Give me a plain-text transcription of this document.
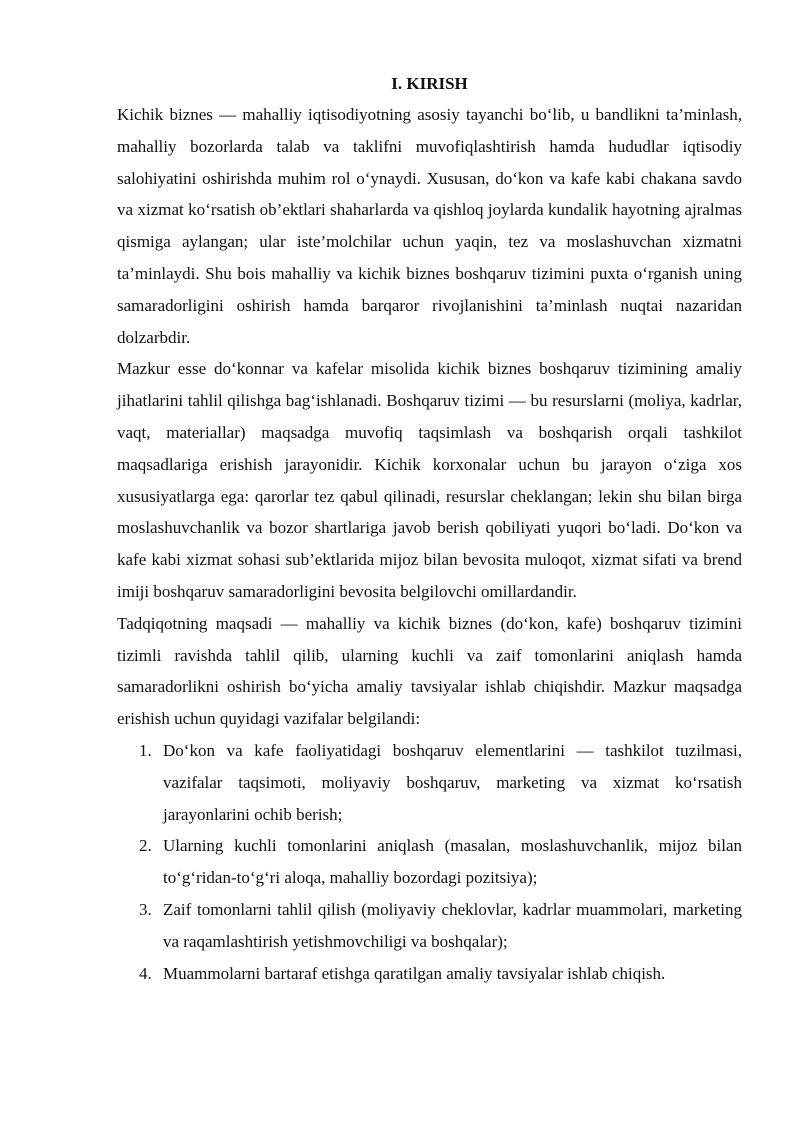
I. KIRISH

Kichik biznes — mahalliy iqtisodiyotning asosiy tayanchi bo‘lib, u bandlikni ta’minlash, mahalliy bozorlarda talab va taklifni muvofiqlashtirish hamda hududlar iqtisodiy salohiyatini oshirishda muhim rol o‘ynaydi. Xususan, do‘kon va kafe kabi chakana savdo va xizmat ko‘rsatish ob’ektlari shaharlarda va qishloq joylarda kundalik hayotning ajralmas qismiga aylangan; ular iste’molchilar uchun yaqin, tez va moslashuvchan xizmatni ta’minlaydi. Shu bois mahalliy va kichik biznes boshqaruv tizimini puxta o‘rganish uning samaradorligini oshirish hamda barqaror rivojlanishini ta’minlash nuqtai nazaridan dolzarbdir.

Mazkur esse do‘konnar va kafelar misolida kichik biznes boshqaruv tizimining amaliy jihatlarini tahlil qilishga bag‘ishlanadi. Boshqaruv tizimi — bu resurslarni (moliya, kadrlar, vaqt, materiallar) maqsadga muvofiq taqsimlash va boshqarish orqali tashkilot maqsadlariga erishish jarayonidir. Kichik korxonalar uchun bu jarayon o‘ziga xos xususiyatlarga ega: qarorlar tez qabul qilinadi, resurslar cheklangan; lekin shu bilan birga moslashuvchanlik va bozor shartlariga javob berish qobiliyati yuqori bo‘ladi. Do‘kon va kafe kabi xizmat sohasi sub’ektlarida mijoz bilan bevosita muloqot, xizmat sifati va brend imiji boshqaruv samaradorligini bevosita belgilovchi omillardandir.

Tadqiqotning maqsadi — mahalliy va kichik biznes (do‘kon, kafe) boshqaruv tizimini tizimli ravishda tahlil qilib, ularning kuchli va zaif tomonlarini aniqlash hamda samaradorlikni oshirish bo‘yicha amaliy tavsiyalar ishlab chiqishdir. Mazkur maqsadga erishish uchun quyidagi vazifalar belgilandi:

1. Do‘kon va kafe faoliyatidagi boshqaruv elementlarini — tashkilot tuzilmasi, vazifalar taqsimoti, moliyaviy boshqaruv, marketing va xizmat ko‘rsatish jarayonlarini ochib berish;
2. Ularning kuchli tomonlarini aniqlash (masalan, moslashuvchanlik, mijoz bilan to‘g‘ridan-to‘g‘ri aloqa, mahalliy bozordagi pozitsiya);
3. Zaif tomonlarni tahlil qilish (moliyaviy cheklovlar, kadrlar muammolari, marketing va raqamlashtirish yetishmovchiligi va boshqalar);
4. Muammolarni bartaraf etishga qaratilgan amaliy tavsiyalar ishlab chiqish.
